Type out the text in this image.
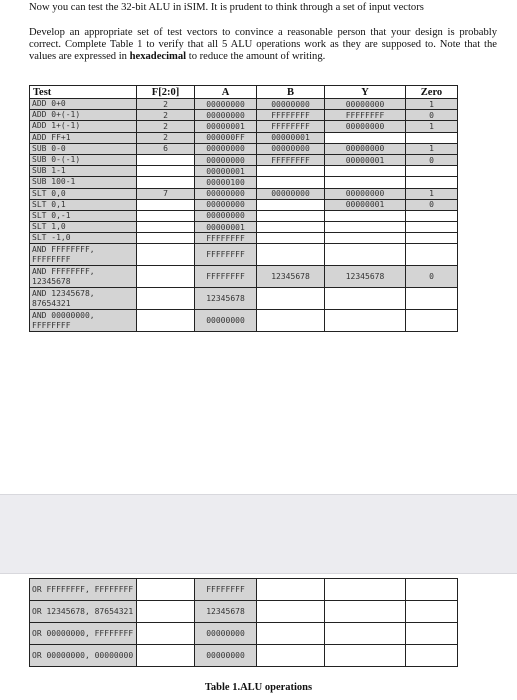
Now you can test the 32-bit ALU in iSIM. It is prudent to think through a set of input vectors

Develop an appropriate set of test vectors to convince a reasonable person that your design is probably correct. Complete Table 1 to verify that all 5 ALU operations work as they are supposed to. Note that the values are expressed in hexadecimal to reduce the amount of writing.

Test	F[2:0]	A	B	Y	Zero
ADD 0+0	2	00000000	00000000	00000000	1
ADD 0+(-1)	2	00000000	FFFFFFFF	FFFFFFFF	0
ADD 1+(-1)	2	00000001	FFFFFFFF	00000000	1
ADD FF+1	2	000000FF	00000001		
SUB 0-0	6	00000000	00000000	00000000	1
SUB 0-(-1)		00000000	FFFFFFFF	00000001	0
SUB 1-1		00000001			
SUB 100-1		00000100			
SLT 0,0	7	00000000	00000000	00000000	1
SLT 0,1		00000000		00000001	0
SLT 0,-1		00000000			
SLT 1,0		00000001			
SLT -1,0		FFFFFFFF			
AND FFFFFFFF, FFFFFFFF		FFFFFFFF			
AND FFFFFFFF, 12345678		FFFFFFFF	12345678	12345678	0
AND 12345678, 87654321		12345678			
AND 00000000, FFFFFFFF		00000000			
OR FFFFFFFF, FFFFFFFF		FFFFFFFF			
OR 12345678, 87654321		12345678			
OR 00000000, FFFFFFFF		00000000			
OR 00000000, 00000000		00000000			
Table 1.ALU operations
